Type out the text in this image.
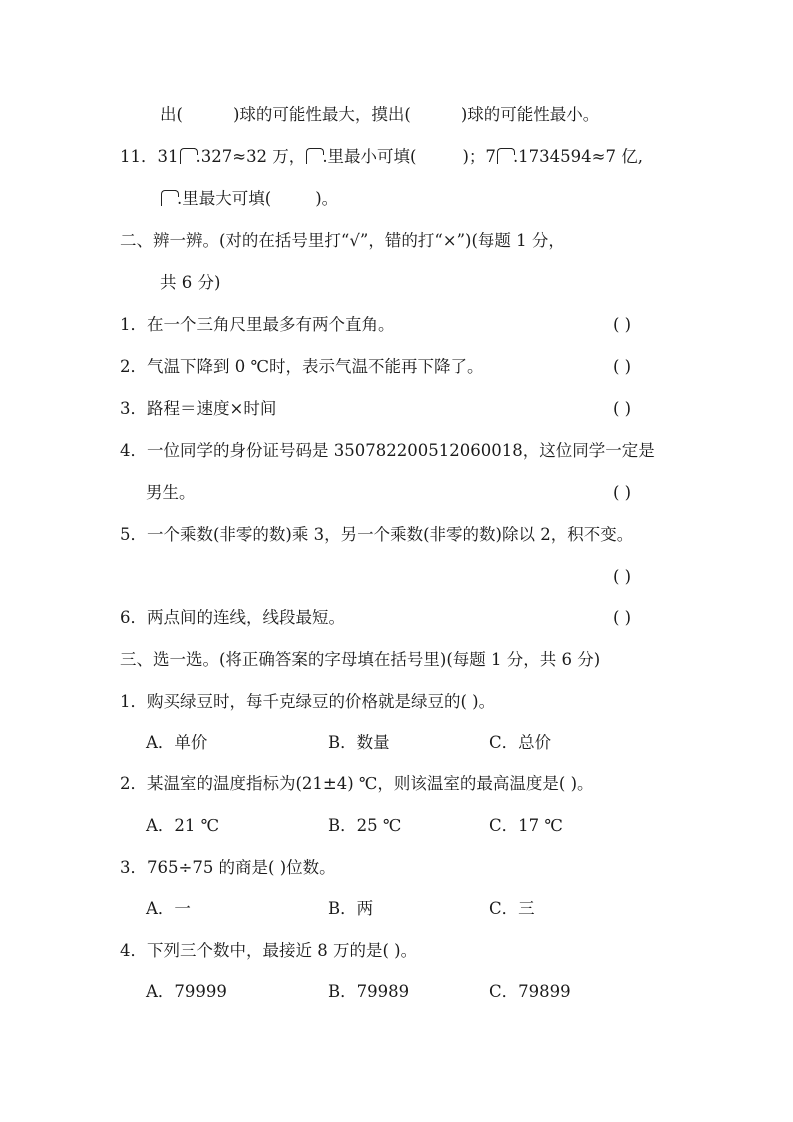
出(	)球的可能性最大，摸出(	)球的可能性最小。
11．31 .327≈32 万， .里最小可填(	)；7 .1734594≈7 亿,
.里最大可填(	)。
二、辨一辨。(对的在括号里打“√”，错的打“×”)(每题 1 分，
共 6 分)
1．在一个三角尺里最多有两个直角。	( )
2．气温下降到 0 ℃时，表示气温不能再下降了。	( )
3．路程＝速度×时间	( )
4．一位同学的身份证号码是 350782200512060018，这位同学一定是
男生。	( )
5．一个乘数(非零的数)乘 3，另一个乘数(非零的数)除以 2，积不变。
( )
6．两点间的连线，线段最短。	( )
三、选一选。(将正确答案的字母填在括号里)(每题 1 分，共 6 分)
1．购买绿豆时，每千克绿豆的价格就是绿豆的( )。
A．单价	B．数量	C．总价
2．某温室的温度指标为(21±4) ℃，则该温室的最高温度是( )。
A．21 ℃	B．25 ℃	C．17 ℃
3．765÷75 的商是( )位数。
A．一	B．两	C．三
4．下列三个数中，最接近 8 万的是( )。
A．79999	B．79989	C．79899
